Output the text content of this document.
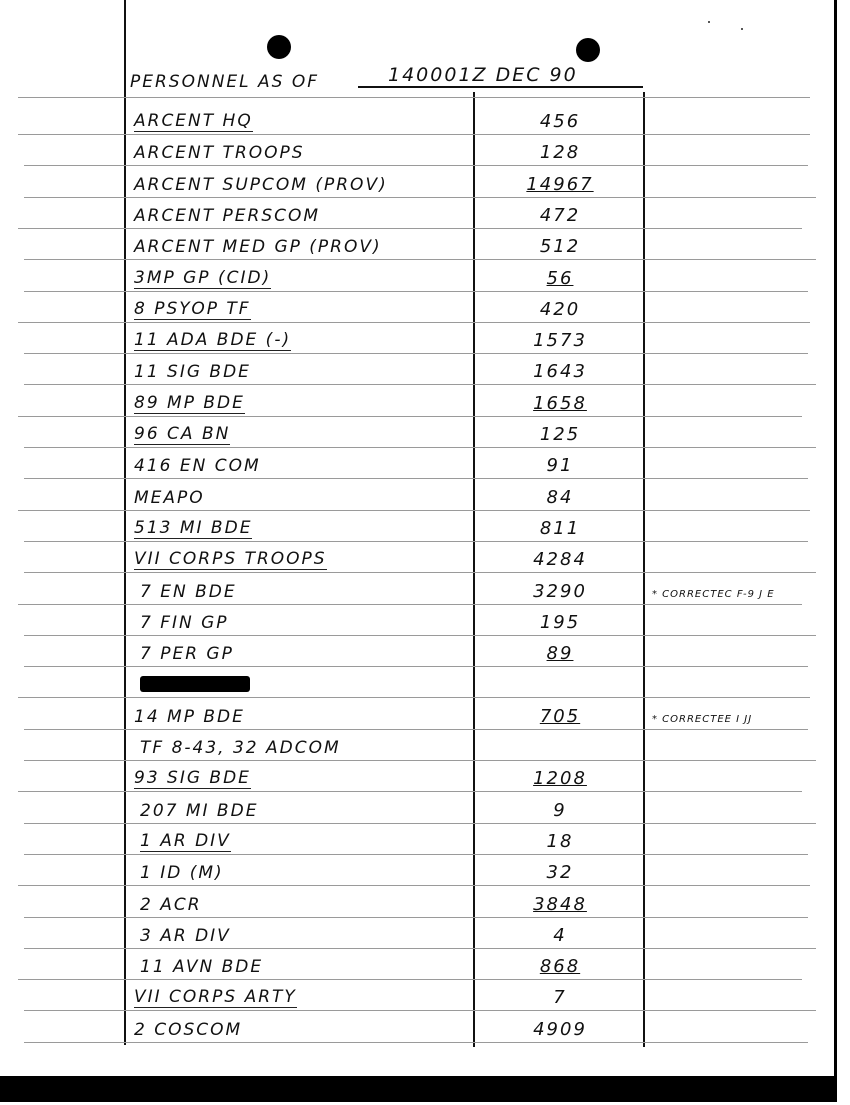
PERSONNEL AS OF	140001Z DEC 90
ARCENT HQ	456
ARCENT TROOPS	128
ARCENT SUPCOM (PROV)	14967
ARCENT PERSCOM	472
ARCENT MED GP (PROV)	512
3MP GP (CID)	56
8 PSYOP TF	420
11 ADA BDE (-)	1573
11 SIG BDE	1643
89 MP BDE	1658
96 CA BN	125
416 EN COM	91
MEAPO	84
513 MI BDE	811
VII CORPS TROOPS	4284
7 EN BDE	3290	* CORRECTEC F-9 J E
7 FIN GP	195
7 PER GP	89
14 MP BDE	705	* CORRECTEE I JJ
TF 8-43, 32 ADCOM
93 SIG BDE	1208
207 MI BDE	9
1 AR DIV	18
1 ID (M)	32
2 ACR	3848
3 AR DIV	4
11 AVN BDE	868
VII CORPS ARTY	7
2 COSCOM	4909
